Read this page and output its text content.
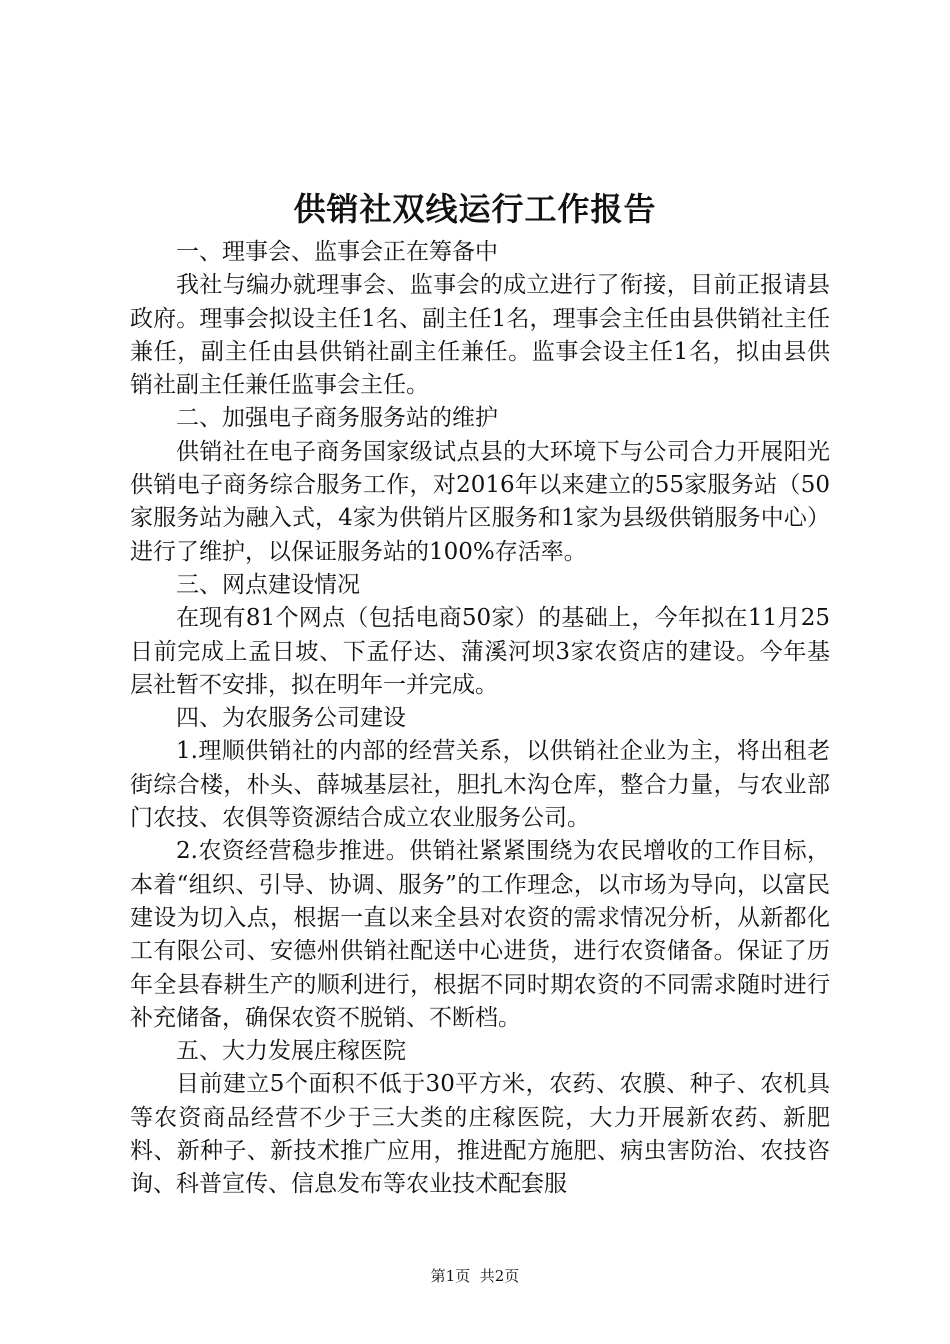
供销社双线运行工作报告

一、理事会、监事会正在筹备中

我社与编办就理事会、监事会的成立进行了衔接，目前正报请县政府。理事会拟设主任1名、副主任1名，理事会主任由县供销社主任兼任，副主任由县供销社副主任兼任。监事会设主任1名，拟由县供销社副主任兼任监事会主任。

二、加强电子商务服务站的维护

供销社在电子商务国家级试点县的大环境下与公司合力开展阳光供销电子商务综合服务工作，对2016年以来建立的55家服务站（50家服务站为融入式，4家为供销片区服务和1家为县级供销服务中心）进行了维护，以保证服务站的100%存活率。

三、网点建设情况

在现有81个网点（包括电商50家）的基础上，今年拟在11月25日前完成上孟日坡、下孟仔达、蒲溪河坝3家农资店的建设。今年基层社暂不安排，拟在明年一并完成。

四、为农服务公司建设

1.理顺供销社的内部的经营关系，以供销社企业为主，将出租老街综合楼，朴头、薛城基层社，胆扎木沟仓库，整合力量，与农业部门农技、农俱等资源结合成立农业服务公司。

2.农资经营稳步推进。供销社紧紧围绕为农民增收的工作目标，本着“组织、引导、协调、服务”的工作理念，以市场为导向，以富民建设为切入点，根据一直以来全县对农资的需求情况分析，从新都化工有限公司、安德州供销社配送中心进货，进行农资储备。保证了历年全县春耕生产的顺利进行，根据不同时期农资的不同需求随时进行补充储备，确保农资不脱销、不断档。

五、大力发展庄稼医院

目前建立5个面积不低于30平方米，农药、农膜、种子、农机具等农资商品经营不少于三大类的庄稼医院，大力开展新农药、新肥料、新种子、新技术推广应用，推进配方施肥、病虫害防治、农技咨询、科普宣传、信息发布等农业技术配套服

第1页 共2页
